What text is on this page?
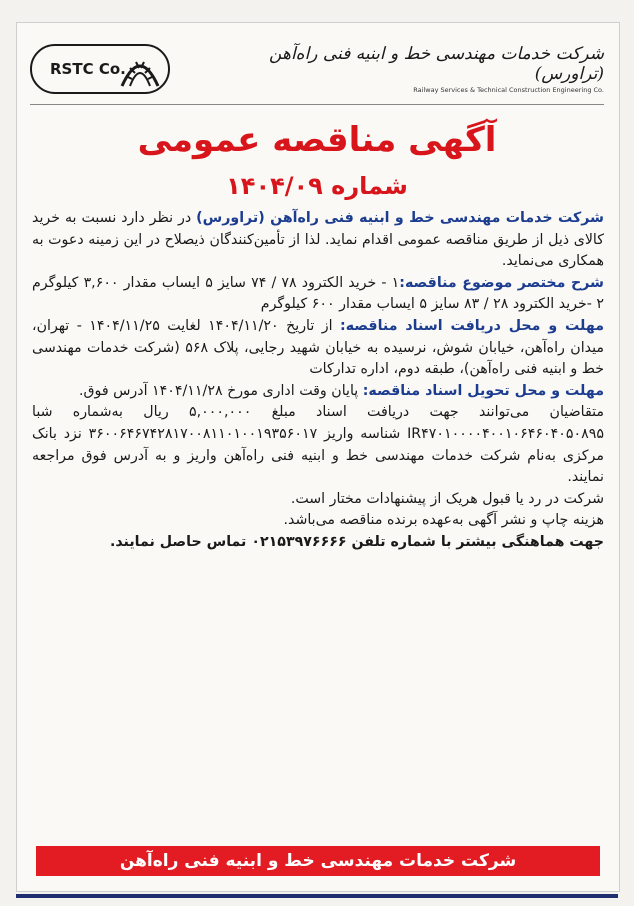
RSTC Co.
شرکت خدمات مهندسی خط و ابنیه فنی راه‌آهن (تراورس)
Railway Services & Technical Construction Engineering Co.
آگهی مناقصه عمومی
شماره ۱۴۰۴/۰۹

شرکت خدمات مهندسی خط و ابنیه فنی راه‌آهن (تراورس) در نظر دارد نسبت به خرید کالای ذیل از طریق مناقصه عمومی اقدام نماید. لذا از تأمین‌کنندگان ذیصلاح در این زمینه دعوت به همکاری می‌نماید.

شرح مختصر موضوع مناقصه:۱ - خرید الکترود ۷۸ / ۷۴ سایز ۵ ایساب مقدار ۳,۶۰۰ کیلوگرم ۲ -خرید الکترود ۲۸ / ۸۳ سایز ۵ ایساب مقدار ۶۰۰ کیلوگرم

مهلت و محل دریافت اسناد مناقصه: از تاریخ ۱۴۰۴/۱۱/۲۰ لغایت ۱۴۰۴/۱۱/۲۵ - تهران، میدان راه‌آهن، خیابان شوش، نرسیده به خیابان شهید رجایی، پلاک ۵۶۸ (شرکت خدمات مهندسی خط و ابنیه فنی راه‌آهن)، طبقه دوم، اداره تدارکات

مهلت و محل تحویل اسناد مناقصه: پایان وقت اداری مورخ ۱۴۰۴/۱۱/۲۸ آدرس فوق.

متقاضیان می‌توانند جهت دریافت اسناد مبلغ ۵,۰۰۰,۰۰۰ ریال به‌شماره شبا IR۴۷۰۱۰۰۰۰۴۰۰۱۰۶۴۶۰۴۰۵۰۸۹۵ شناسه واریز ۳۶۰۰۶۴۶۷۴۲۸۱۷۰۰۸۱۱۰۱۰۰۱۹۳۵۶۰۱۷ نزد بانک مرکزی به‌نام شرکت خدمات مهندسی خط و ابنیه فنی راه‌آهن واریز و به آدرس فوق مراجعه نمایند.

شرکت در رد یا قبول هریک از پیشنهادات مختار است.

هزینه چاپ و نشر آگهی به‌عهده برنده مناقصه می‌باشد.

جهت هماهنگی بیشتر با شماره تلفن ۰۲۱۵۳۹۷۶۶۶۶ تماس حاصل نمایند.

شرکت خدمات مهندسی خط و ابنیه فنی راه‌آهن
